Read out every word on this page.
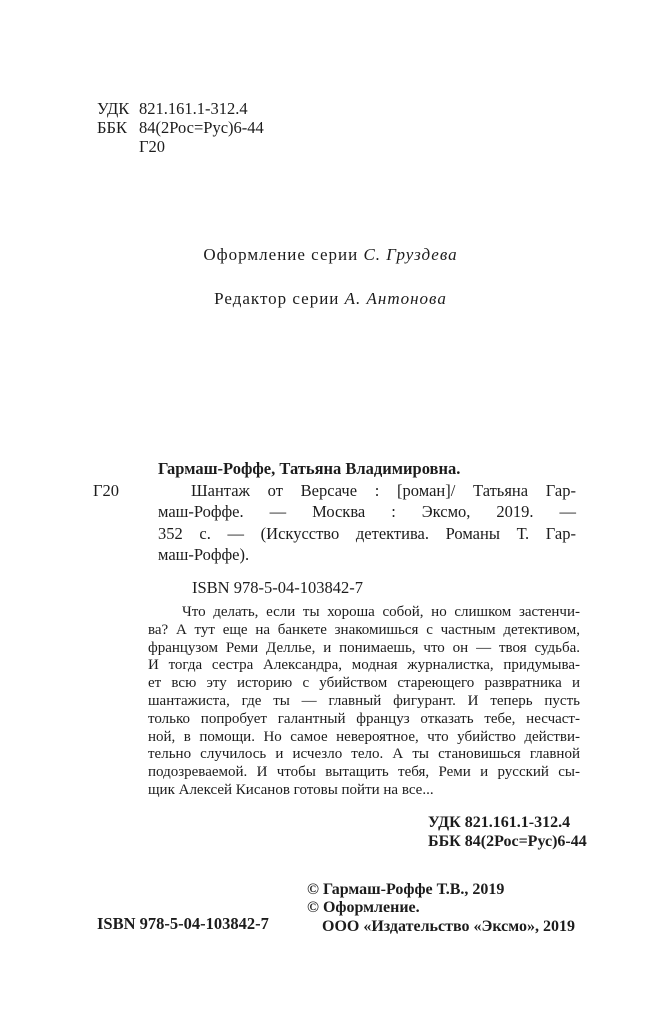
УДК 821.161.1-312.4
ББК 84(2Рос=Рус)6-44
Г20
Оформление серии С. Груздева
Редактор серии А. Антонова
Г20
Гармаш-Роффе, Татьяна Владимировна.
Шантаж от Версаче : [роман]/ Татьяна Гар-
маш-Роффе. — Москва : Эксмо, 2019. —
352 с. — (Искусство детектива. Романы Т. Гар-
маш-Роффе).
ISBN 978-5-04-103842-7
Что делать, если ты хороша собой, но слишком застенчи-
ва? А тут еще на банкете знакомишься с частным детективом,
французом Реми Деллье, и понимаешь, что он — твоя судьба.
И тогда сестра Александра, модная журналистка, придумыва-
ет всю эту историю с убийством стареющего развратника и
шантажиста, где ты — главный фигурант. И теперь пусть
только попробует галантный француз отказать тебе, несчаст-
ной, в помощи. Но самое невероятное, что убийство действи-
тельно случилось и исчезло тело. А ты становишься главной
подозреваемой. И чтобы вытащить тебя, Реми и русский сы-
щик Алексей Кисанов готовы пойти на все...
УДК 821.161.1-312.4
ББК 84(2Рос=Рус)6-44
ISBN 978-5-04-103842-7
© Гармаш-Роффе Т.В., 2019
© Оформление.
ООО «Издательство «Эксмо», 2019
